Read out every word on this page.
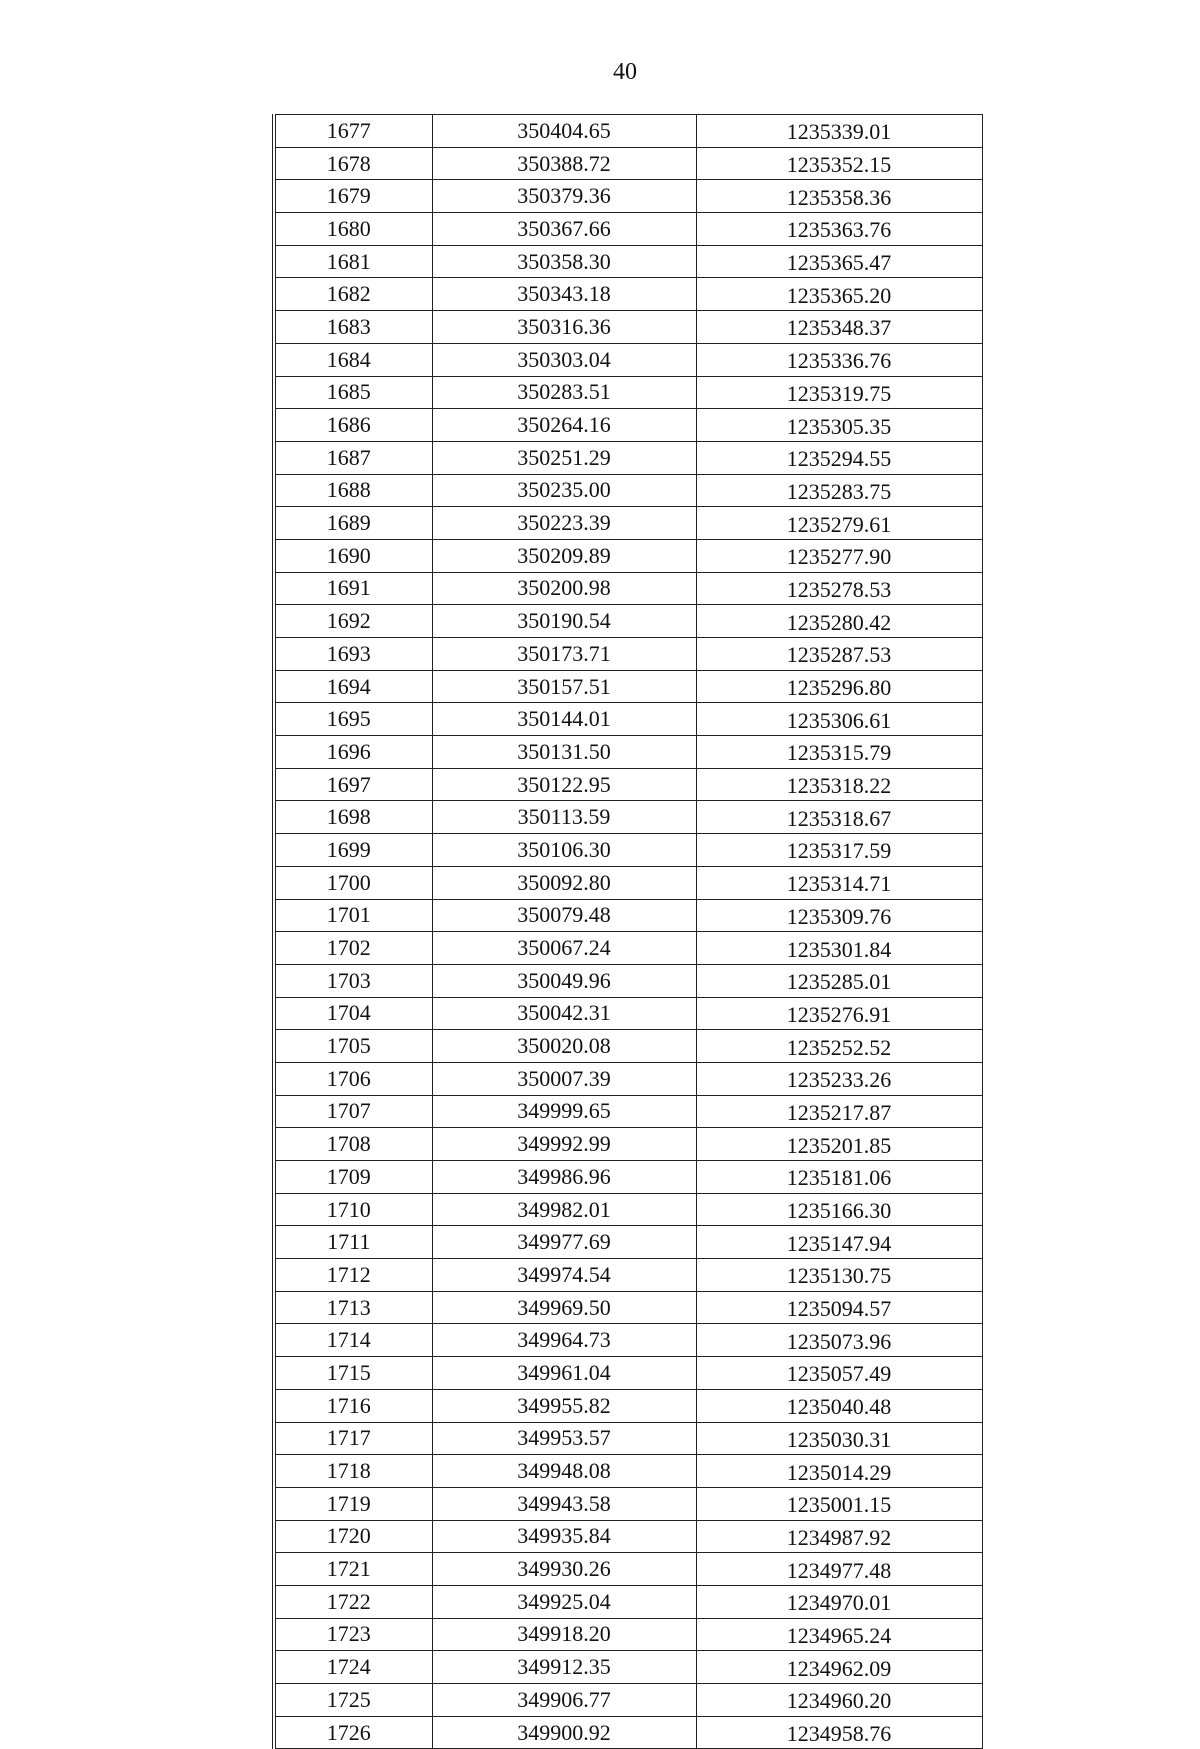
40
1677	350404.65	1235339.01
1678	350388.72	1235352.15
1679	350379.36	1235358.36
1680	350367.66	1235363.76
1681	350358.30	1235365.47
1682	350343.18	1235365.20
1683	350316.36	1235348.37
1684	350303.04	1235336.76
1685	350283.51	1235319.75
1686	350264.16	1235305.35
1687	350251.29	1235294.55
1688	350235.00	1235283.75
1689	350223.39	1235279.61
1690	350209.89	1235277.90
1691	350200.98	1235278.53
1692	350190.54	1235280.42
1693	350173.71	1235287.53
1694	350157.51	1235296.80
1695	350144.01	1235306.61
1696	350131.50	1235315.79
1697	350122.95	1235318.22
1698	350113.59	1235318.67
1699	350106.30	1235317.59
1700	350092.80	1235314.71
1701	350079.48	1235309.76
1702	350067.24	1235301.84
1703	350049.96	1235285.01
1704	350042.31	1235276.91
1705	350020.08	1235252.52
1706	350007.39	1235233.26
1707	349999.65	1235217.87
1708	349992.99	1235201.85
1709	349986.96	1235181.06
1710	349982.01	1235166.30
1711	349977.69	1235147.94
1712	349974.54	1235130.75
1713	349969.50	1235094.57
1714	349964.73	1235073.96
1715	349961.04	1235057.49
1716	349955.82	1235040.48
1717	349953.57	1235030.31
1718	349948.08	1235014.29
1719	349943.58	1235001.15
1720	349935.84	1234987.92
1721	349930.26	1234977.48
1722	349925.04	1234970.01
1723	349918.20	1234965.24
1724	349912.35	1234962.09
1725	349906.77	1234960.20
1726	349900.92	1234958.76
